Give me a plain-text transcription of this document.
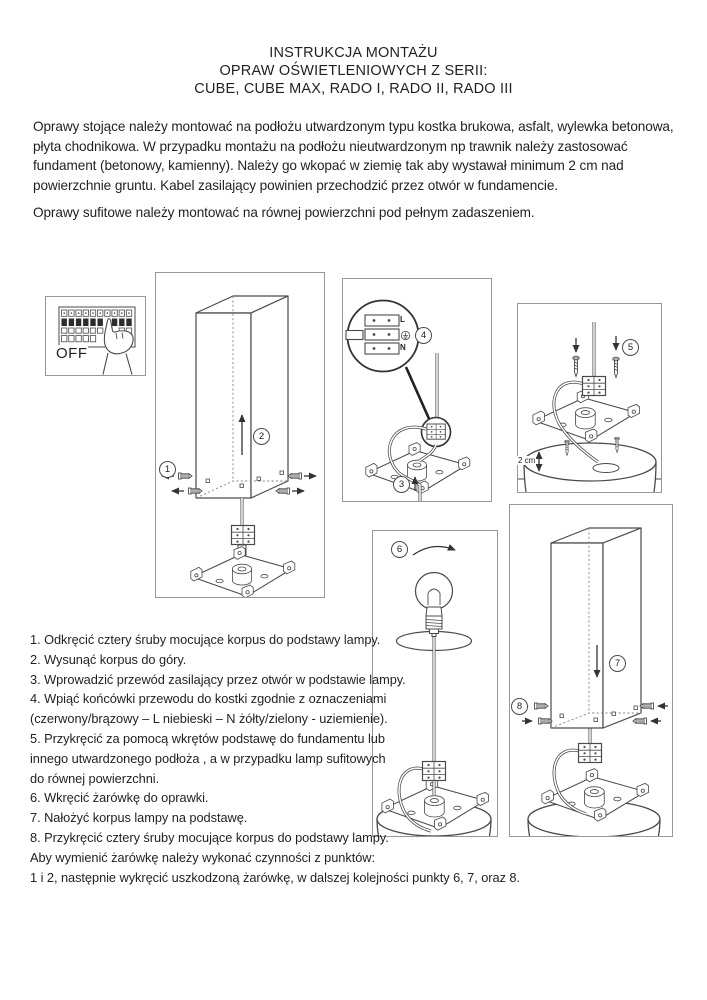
INSTRUKCJA MONTAŻU
OPRAW OŚWIETLENIOWYCH Z SERII:
CUBE, CUBE MAX, RADO I, RADO II, RADO III
Oprawy stojące należy montować na podłożu utwardzonym typu kostka brukowa, asfalt, wylewka betonowa,
płyta chodnikowa. W przypadku montażu na podłożu nieutwardzonym np trawnik należy zastosować
fundament (betonowy, kamienny). Należy go wkopać w ziemię tak aby wystawał minimum 2 cm nad
powierzchnie gruntu. Kabel zasilający powinien przechodzić przez otwór w fundamencie.
Oprawy sufitowe należy montować na równej powierzchni pod pełnym zadaszeniem.
OFF
1
2
L
N
4
3
5
2 cm
6
7
8
1. Odkręcić cztery śruby mocujące korpus do podstawy lampy.
2. Wysunąć korpus do góry.
3. Wprowadzić przewód zasilający przez otwór w podstawie lampy.
4. Wpiąć końcówki przewodu do kostki zgodnie z oznaczeniami
(czerwony/brązowy – L niebieski – N żółty/zielony - uziemienie).
5. Przykręcić za pomocą wkrętów podstawę do fundamentu lub
innego utwardzonego podłoża , a w przypadku lamp sufitowych
do równej powierzchni.
6. Wkręcić żarówkę do oprawki.
7. Nałożyć korpus lampy na podstawę.
8. Przykręcić cztery śruby mocujące korpus do podstawy lampy.
Aby wymienić żarówkę należy wykonać czynności z punktów:
1 i 2, następnie wykręcić uszkodzoną żarówkę, w dalszej kolejności punkty 6, 7, oraz 8.
